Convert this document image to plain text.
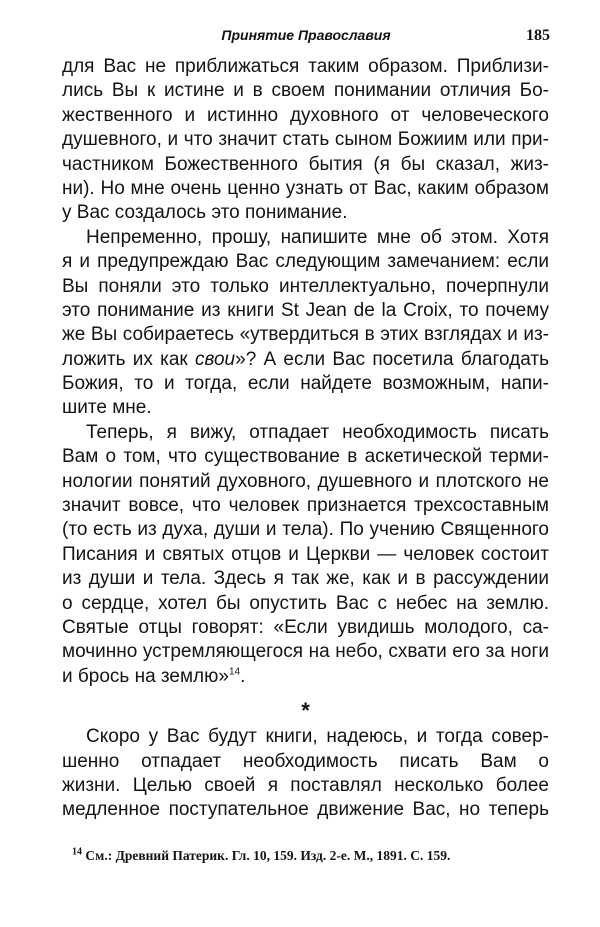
Принятие Православия	185
для Вас не приближаться таким образом. Приблизи-
лись Вы к истине и в своем понимании отличия Бо-
жественного и истинно духовного от человеческого
душевного, и что значит стать сыном Божиим или при-
частником Божественного бытия (я бы сказал, жиз-
ни). Но мне очень ценно узнать от Вас, каким образом
у Вас создалось это понимание.
Непременно, прошу, напишите мне об этом. Хотя
я и предупреждаю Вас следующим замечанием: если
Вы поняли это только интеллектуально, почерпнули
это понимание из книги St Jean de la Croix, то почему
же Вы собираетесь «утвердиться в этих взглядах и из-
ложить их как свои»? А если Вас посетила благодать
Божия, то и тогда, если найдете возможным, напи-
шите мне.
Теперь, я вижу, отпадает необходимость писать
Вам о том, что существование в аскетической терми-
нологии понятий духовного, душевного и плотского не
значит вовсе, что человек признается трехсоставным
(то есть из духа, души и тела). По учению Священного
Писания и святых отцов и Церкви — человек состоит
из души и тела. Здесь я так же, как и в рассуждении
о сердце, хотел бы опустить Вас с небес на землю.
Святые отцы говорят: «Если увидишь молодого, са-
мочинно устремляющегося на небо, схвати его за ноги
и брось на землю»$^{14}$.
*
Скоро у Вас будут книги, надеюсь, и тогда совер-
шенно отпадает необходимость писать Вам о
жизни. Целью своей я поставлял несколько более
медленное поступательное движение Вас, но теперь
$^{14}$ См.: Древний Патерик. Гл. 10, 159. Изд. 2-е. М., 1891. С. 159.
